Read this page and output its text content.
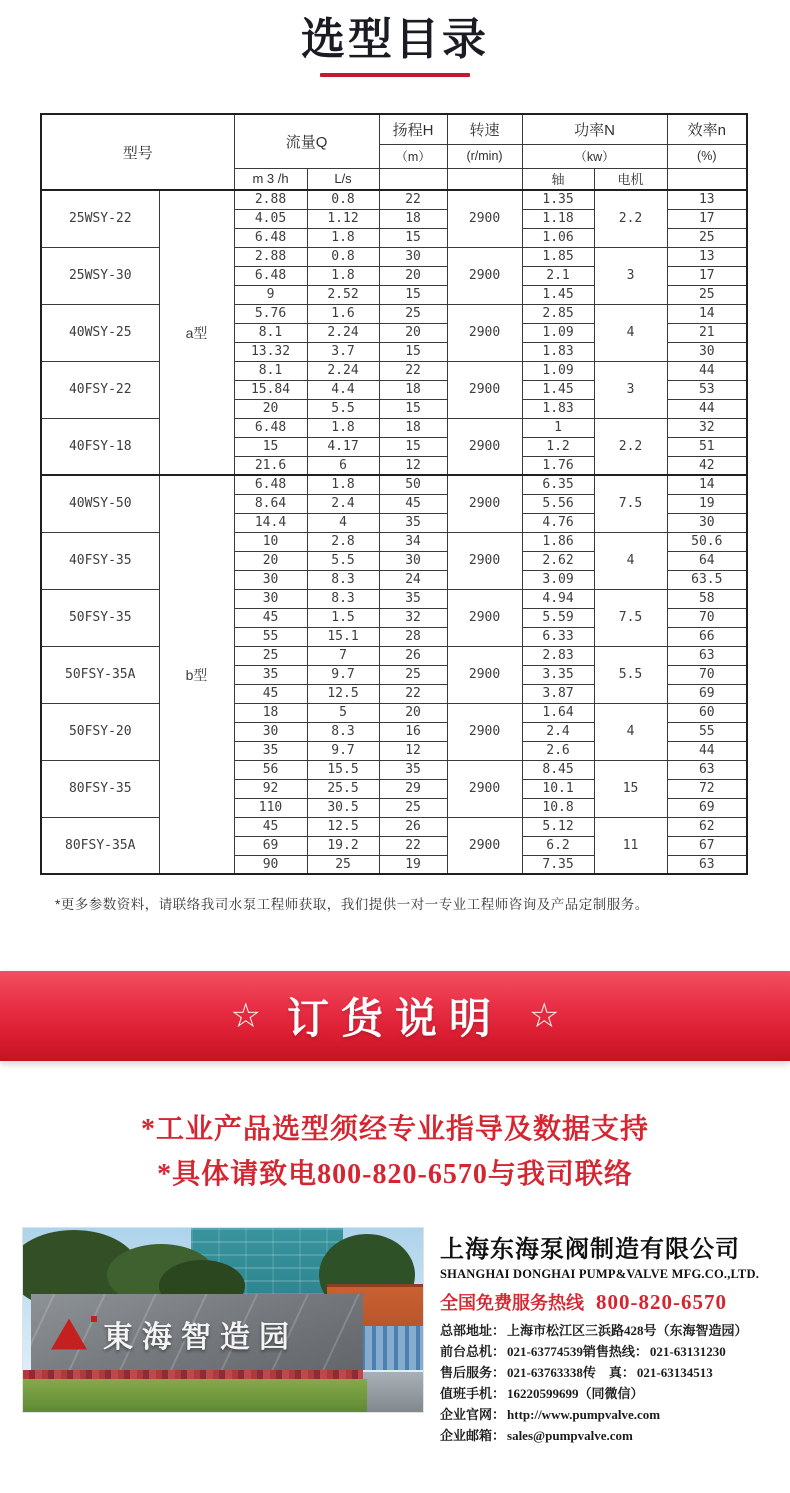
选型目录
型号		流量Q		扬程H	转速	功率N		效率n
				（m）	(r/min)	（kw）		(%)
		m 3 /h	L/s			轴	电机	
25WSY-22	a型	2.88	0.8	22	2900	1.35	2.2	13
		4.05	1.12	18		1.18		17
		6.48	1.8	15		1.06		25
25WSY-30		2.88	0.8	30	2900	1.85	3	13
		6.48	1.8	20		2.1		17
		9	2.52	15		1.45		25
40WSY-25		5.76	1.6	25	2900	2.85	4	14
		8.1	2.24	20		1.09		21
		13.32	3.7	15		1.83		30
40FSY-22		8.1	2.24	22	2900	1.09	3	44
		15.84	4.4	18		1.45		53
		20	5.5	15		1.83		44
40FSY-18		6.48	1.8	18	2900	1	2.2	32
		15	4.17	15		1.2		51
		21.6	6	12		1.76		42
40WSY-50	b型	6.48	1.8	50	2900	6.35	7.5	14
		8.64	2.4	45		5.56		19
		14.4	4	35		4.76		30
40FSY-35		10	2.8	34	2900	1.86	4	50.6
		20	5.5	30		2.62		64
		30	8.3	24		3.09		63.5
50FSY-35		30	8.3	35	2900	4.94	7.5	58
		45	1.5	32		5.59		70
		55	15.1	28		6.33		66
50FSY-35A		25	7	26	2900	2.83	5.5	63
		35	9.7	25		3.35		70
		45	12.5	22		3.87		69
50FSY-20		18	5	20	2900	1.64	4	60
		30	8.3	16		2.4		55
		35	9.7	12		2.6		44
80FSY-35		56	15.5	35	2900	8.45	15	63
		92	25.5	29		10.1		72
		110	30.5	25		10.8		69
80FSY-35A		45	12.5	26	2900	5.12	11	62
		69	19.2	22		6.2		67
		90	25	19		7.35		63
*更多参数资料，请联络我司水泵工程师获取，我们提供一对一专业工程师咨询及产品定制服务。
☆ 订货说明 ☆
*工业产品选型须经专业指导及数据支持
*具体请致电800-820-6570与我司联络
東海智造园
上海东海泵阀制造有限公司
SHANGHAI DONGHAI PUMP&VALVE MFG.CO.,LTD.
全国免费服务热线 800-820-6570
总部地址： 上海市松江区三浜路428号（东海智造园）
前台总机： 021-63774539销售热线： 021-63131230
售后服务： 021-63763338传　真： 021-63134513
值班手机： 16220599699（同微信）
企业官网： http://www.pumpvalve.com
企业邮箱： sales@pumpvalve.com
